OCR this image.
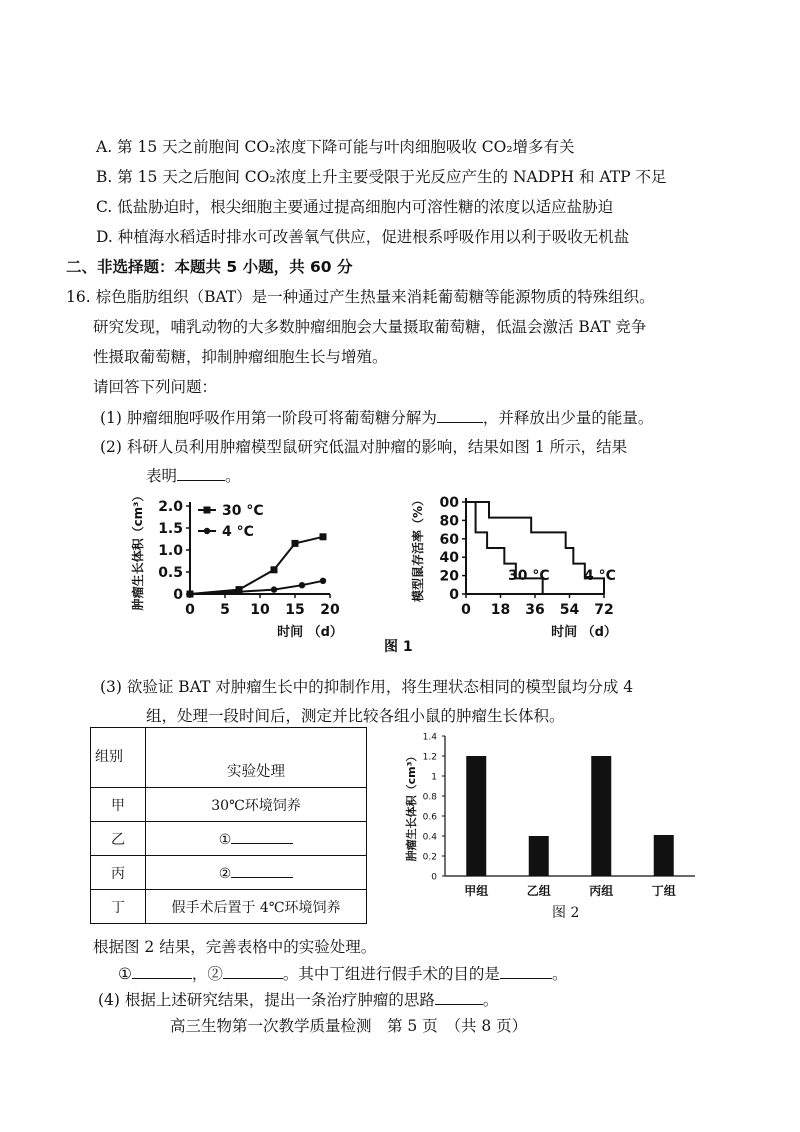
A. 第 15 天之前胞间 CO₂浓度下降可能与叶肉细胞吸收 CO₂增多有关
B. 第 15 天之后胞间 CO₂浓度上升主要受限于光反应产生的 NADPH 和 ATP 不足
C. 低盐胁迫时，根尖细胞主要通过提高细胞内可溶性糖的浓度以适应盐胁迫
D. 种植海水稻适时排水可改善氧气供应，促进根系呼吸作用以利于吸收无机盐
二、非选择题：本题共 5 小题，共 60 分
16. 棕色脂肪组织（BAT）是一种通过产生热量来消耗葡萄糖等能源物质的特殊组织。
研究发现，哺乳动物的大多数肿瘤细胞会大量摄取葡萄糖，低温会激活 BAT 竞争
性摄取葡萄糖，抑制肿瘤细胞生长与增殖。
请回答下列问题：
(1) 肿瘤细胞呼吸作用第一阶段可将葡萄糖分解为	，并释放出少量的能量。
(2) 科研人员利用肿瘤模型鼠研究低温对肿瘤的影响，结果如图 1 所示，结果
表明	。
0
0.5
1.0
1.5
2.0
0 5 10 15 20
肿瘤生长体积（cm³）
时间 （d）
30 °C
4 °C
0
20
40
60
80
00
0 18 36 54 72
模型鼠存活率（%）
时间 （d）
30 °C 4 °C
图 1
(3) 欲验证 BAT 对肿瘤生长中的抑制作用，将生理状态相同的模型鼠均分成 4
组，处理一段时间后，测定并比较各组小鼠的肿瘤生长体积。
组别	实验处理
甲	30℃环境饲养
乙	①
丙	②
丁	假手术后置于 4℃环境饲养
0
0.2
0.4
0.6
0.8
1
1.2
1.4
甲组	乙组	丙组	丁组
肿瘤生长体积（cm³）
图 2
根据图 2 结果，完善表格中的实验处理。
①	，②	。其中丁组进行假手术的目的是	。
(4) 根据上述研究结果，提出一条治疗肿瘤的思路	。
高三生物第一次教学质量检测　第 5 页　（共 8 页）
